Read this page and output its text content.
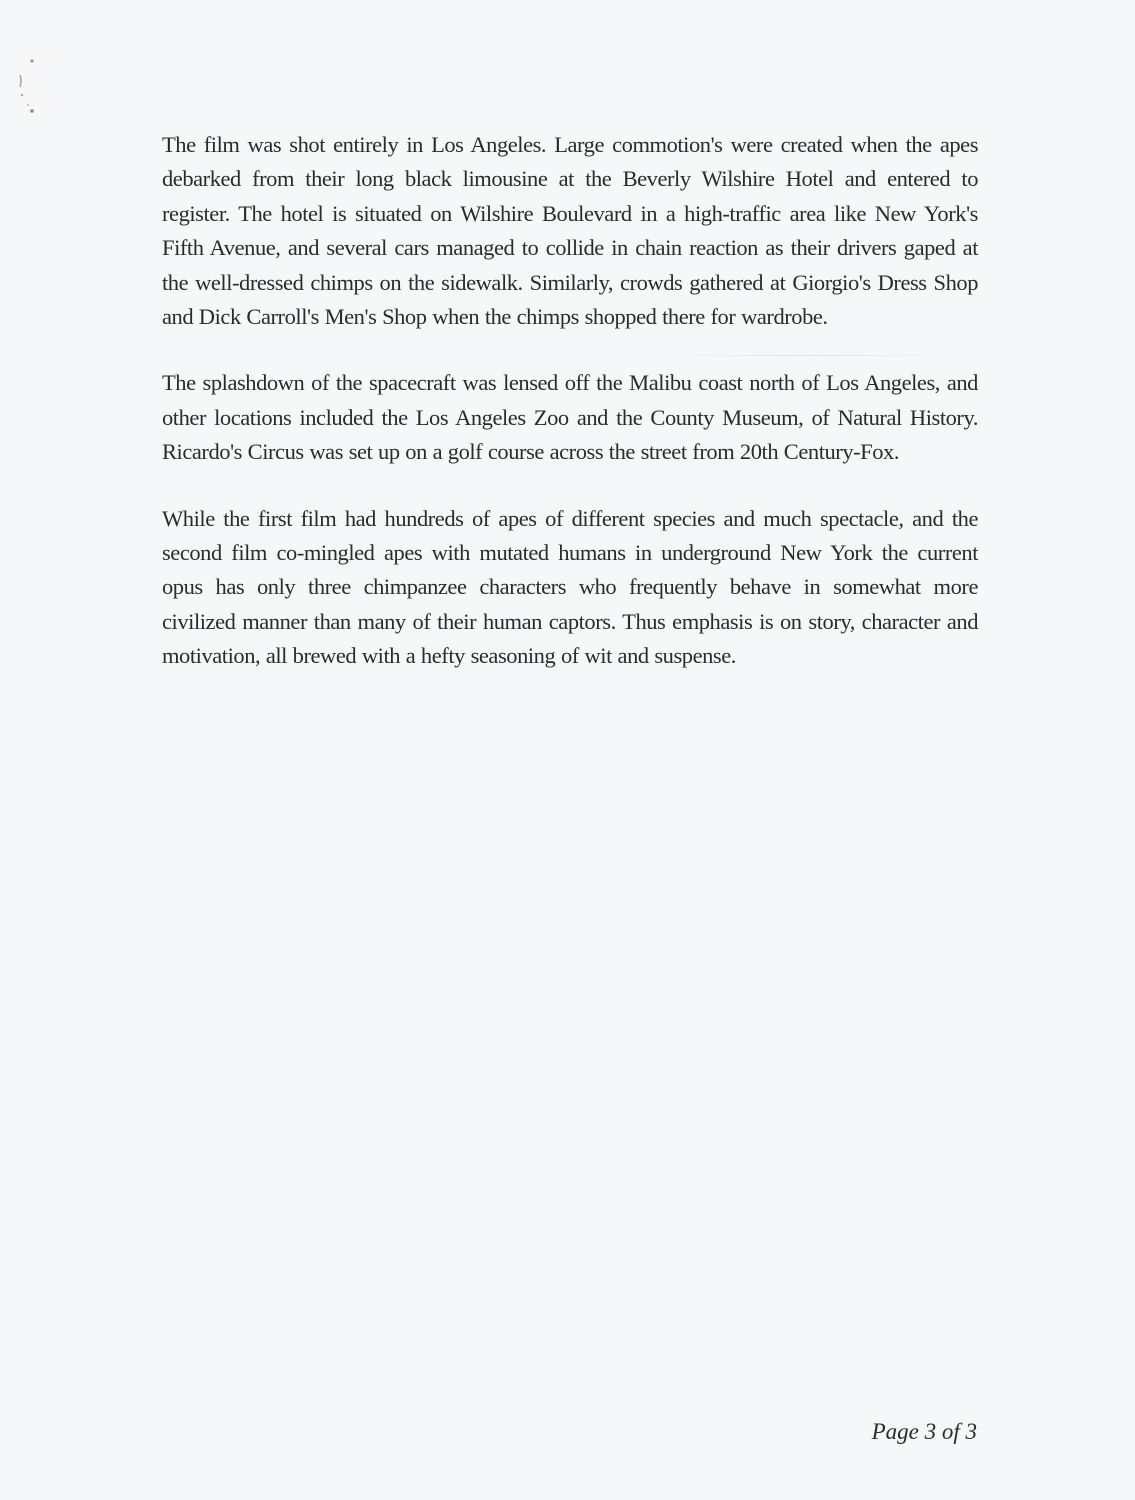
The film was shot entirely in Los Angeles. Large commotion's were created when the apes debarked from their long black limousine at the Beverly Wilshire Hotel and entered to register. The hotel is situated on Wilshire Boulevard in a high-traffic area like New York's Fifth Avenue, and several cars managed to collide in chain reaction as their drivers gaped at the well-dressed chimps on the sidewalk. Similarly, crowds gathered at Giorgio's Dress Shop and Dick Carroll's Men's Shop when the chimps shopped there for wardrobe.

The splashdown of the spacecraft was lensed off the Malibu coast north of Los Angeles, and other locations included the Los Angeles Zoo and the County Museum, of Natural History. Ricardo's Circus was set up on a golf course across the street from 20th Century-Fox.

While the first film had hundreds of apes of different species and much spectacle, and the second film co-mingled apes with mutated humans in underground New York the current opus has only three chimpanzee characters who frequently behave in somewhat more civilized manner than many of their human captors. Thus emphasis is on story, character and motivation, all brewed with a hefty seasoning of wit and suspense.

Page 3 of 3
